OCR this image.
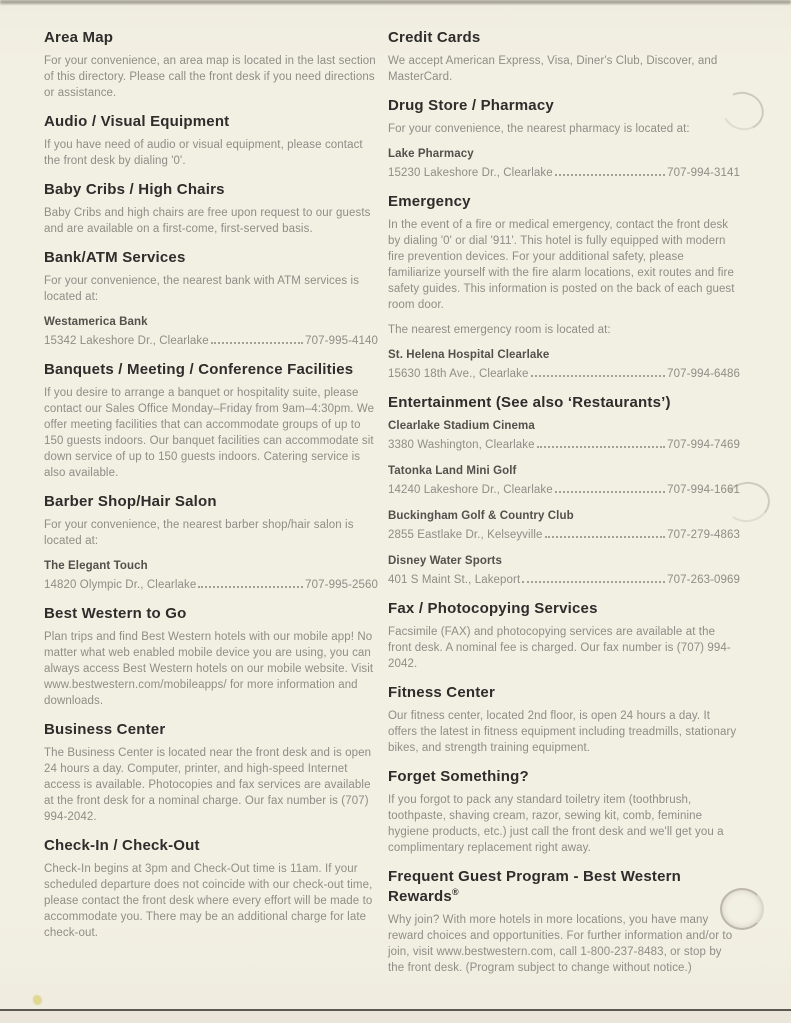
Area Map

For your convenience, an area map is located in the last section of this directory. Please call the front desk if you need directions or assistance.

Audio / Visual Equipment

If you have need of audio or visual equipment, please contact the front desk by dialing '0'.

Baby Cribs / High Chairs

Baby Cribs and high chairs are free upon request to our guests and are available on a first-come, first-served basis.

Bank/ATM Services

For your convenience, the nearest bank with ATM services is located at:

Westamerica Bank
15342 Lakeshore Dr., Clearlake	707-995-4140
Banquets / Meeting / Conference Facilities

If you desire to arrange a banquet or hospitality suite, please contact our Sales Office Monday–Friday from 9am–4:30pm. We offer meeting facilities that can accommodate groups of up to 150 guests indoors. Our banquet facilities can accommodate sit down service of up to 150 guests indoors. Catering service is also available.

Barber Shop/Hair Salon

For your convenience, the nearest barber shop/hair salon is located at:

The Elegant Touch
14820 Olympic Dr., Clearlake	707-995-2560
Best Western to Go

Plan trips and find Best Western hotels with our mobile app! No matter what web enabled mobile device you are using, you can always access Best Western hotels on our mobile website. Visit www.bestwestern.com/mobileapps/ for more information and downloads.

Business Center

The Business Center is located near the front desk and is open 24 hours a day. Computer, printer, and high-speed Internet access is available. Photocopies and fax services are available at the front desk for a nominal charge. Our fax number is (707) 994-2042.

Check-In / Check-Out

Check-In begins at 3pm and Check-Out time is 11am. If your scheduled departure does not coincide with our check-out time, please contact the front desk where every effort will be made to accommodate you. There may be an additional charge for late check-out.

Credit Cards

We accept American Express, Visa, Diner's Club, Discover, and MasterCard.

Drug Store / Pharmacy

For your convenience, the nearest pharmacy is located at:

Lake Pharmacy
15230 Lakeshore Dr., Clearlake	707-994-3141
Emergency

In the event of a fire or medical emergency, contact the front desk by dialing '0' or dial '911'. This hotel is fully equipped with modern fire prevention devices. For your additional safety, please familiarize yourself with the fire alarm locations, exit routes and fire safety guides. This information is posted on the back of each guest room door.

The nearest emergency room is located at:

St. Helena Hospital Clearlake
15630 18th Ave., Clearlake	707-994-6486
Entertainment (See also ‘Restaurants’)
Clearlake Stadium Cinema
3380 Washington, Clearlake	707-994-7469
Tatonka Land Mini Golf
14240 Lakeshore Dr., Clearlake	707-994-1661
Buckingham Golf & Country Club
2855 Eastlake Dr., Kelseyville	707-279-4863
Disney Water Sports
401 S Maint St., Lakeport	707-263-0969
Fax / Photocopying Services

Facsimile (FAX) and photocopying services are available at the front desk. A nominal fee is charged. Our fax number is (707) 994-2042.

Fitness Center

Our fitness center, located 2nd floor, is open 24 hours a day. It offers the latest in fitness equipment including treadmills, stationary bikes, and strength training equipment.

Forget Something?

If you forgot to pack any standard toiletry item (toothbrush, toothpaste, shaving cream, razor, sewing kit, comb, feminine hygiene products, etc.) just call the front desk and we'll get you a complimentary replacement right away.

Frequent Guest Program - Best Western Rewards®

Why join? With more hotels in more locations, you have many reward choices and opportunities. For further information and/or to join, visit www.bestwestern.com, call 1-800-237-8483, or stop by the front desk. (Program subject to change without notice.)
